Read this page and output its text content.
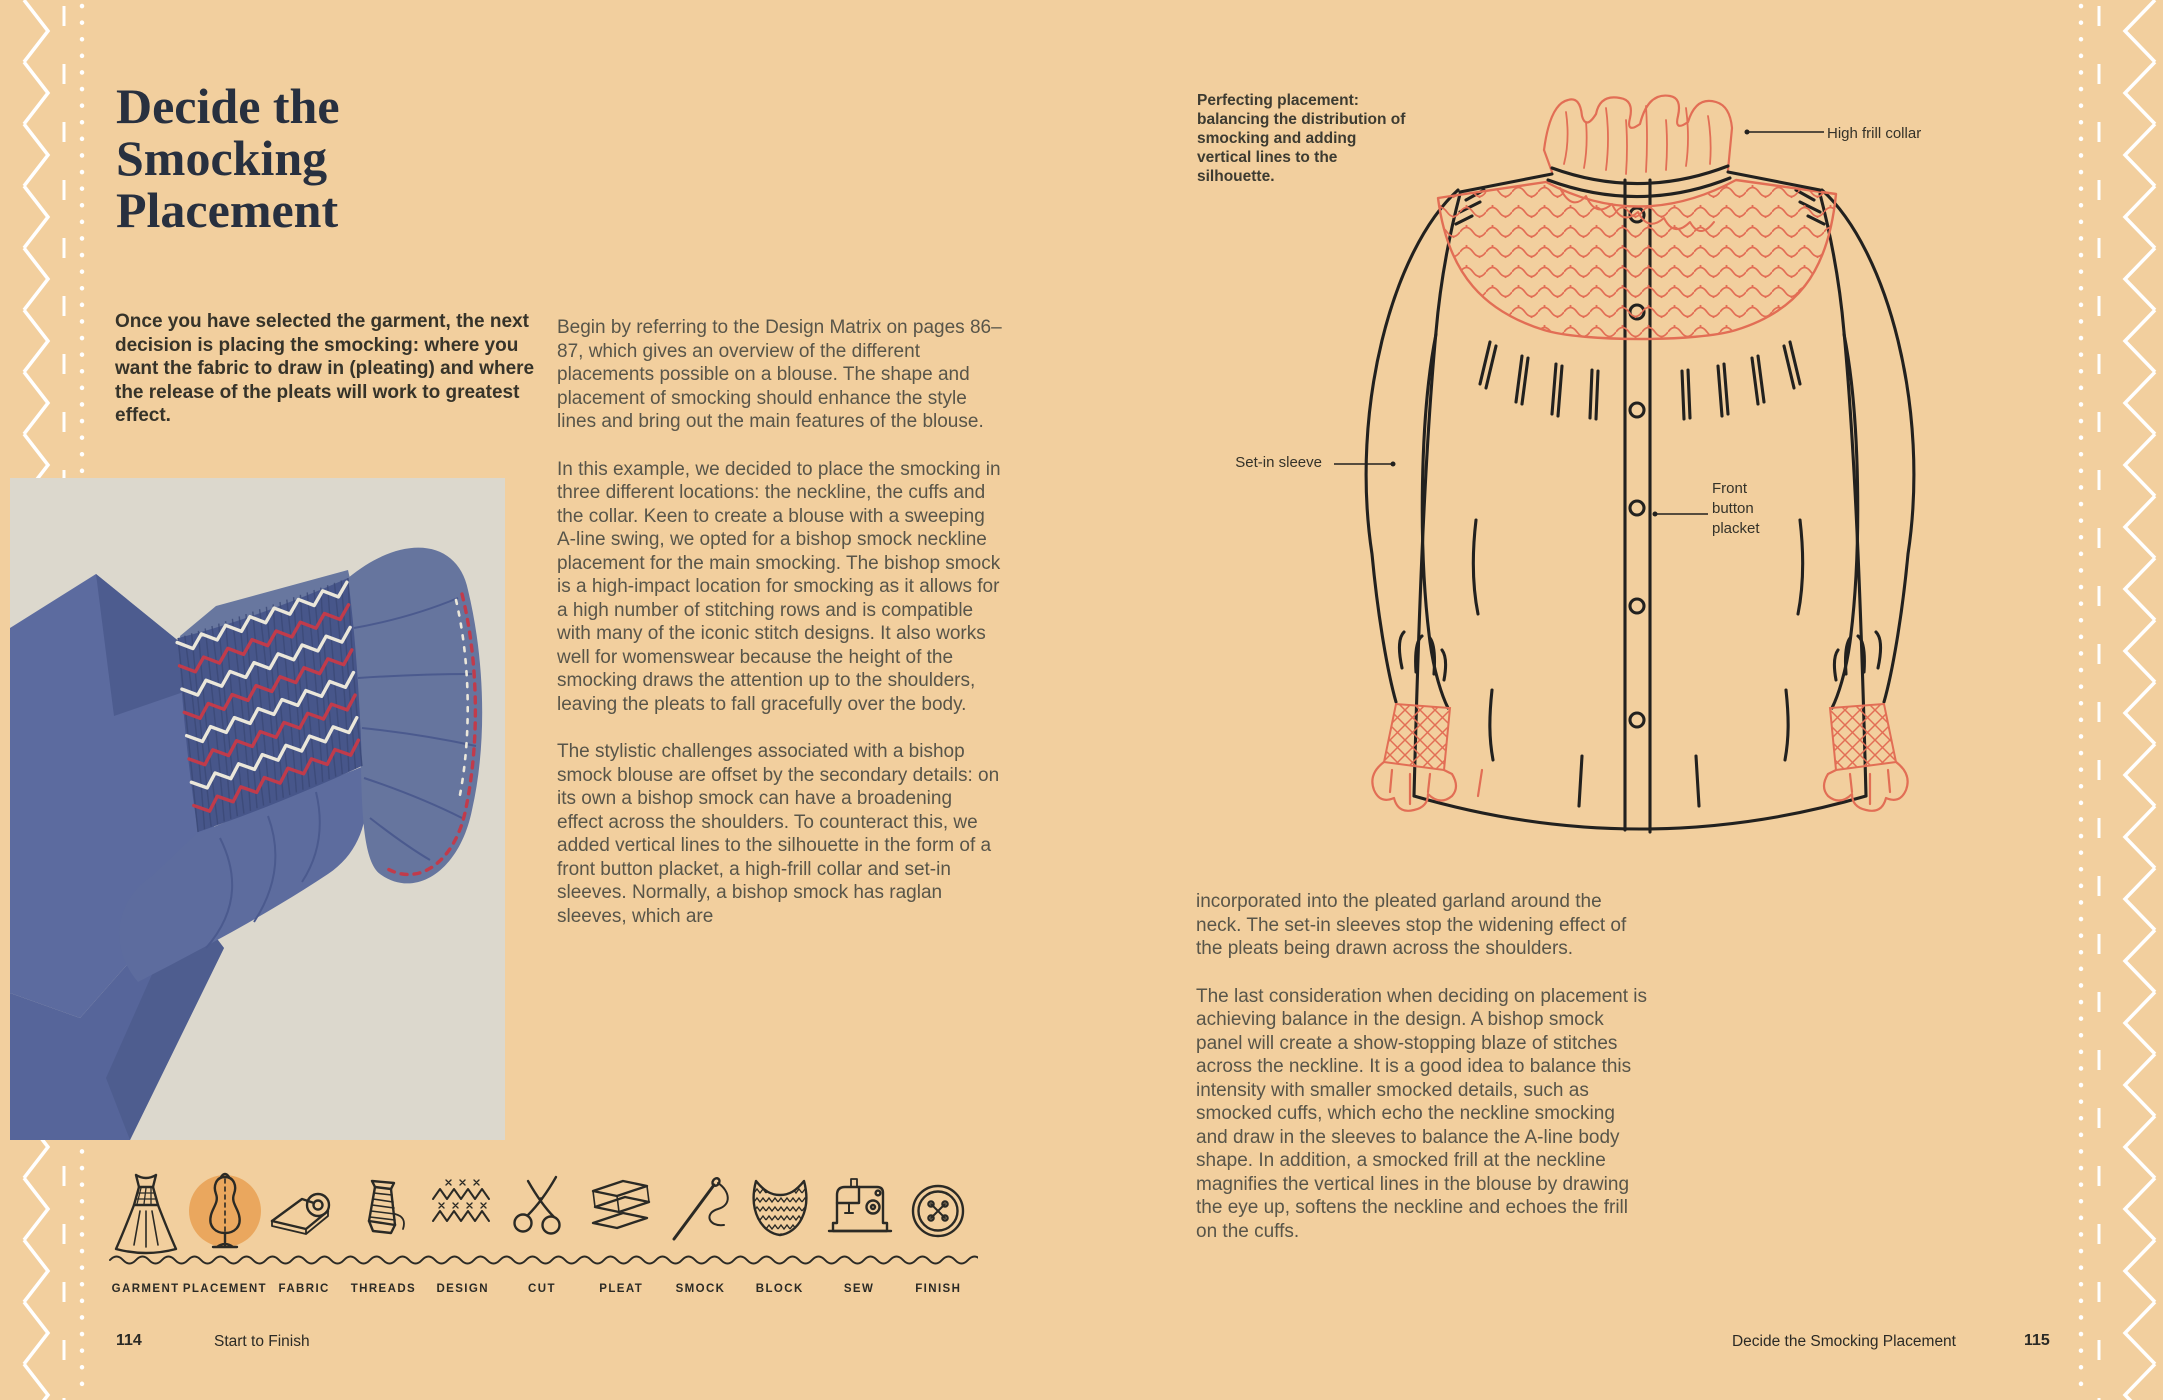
Decide the
Smocking
Placement

Once you have selected the garment, the next decision is placing the smocking: where you want the fabric to draw in (pleating) and where the release of the pleats will work to greatest effect.

Begin by referring to the Design Matrix on pages 86–87, which gives an overview of the different placements possible on a blouse. The shape and placement of smocking should enhance the style lines and bring out the main features of the blouse.

In this example, we decided to place the smocking in three different locations: the neckline, the cuffs and the collar. Keen to create a blouse with a sweeping A-line swing, we opted for a bishop smock neckline placement for the main smocking. The bishop smock is a high-impact location for smocking as it allows for a high number of stitching rows and is compatible with many of the iconic stitch designs. It also works well for womenswear because the height of the smocking draws the attention up to the shoulders, leaving the pleats to fall gracefully over the body.

The stylistic challenges associated with a bishop smock blouse are offset by the secondary details: on its own a bishop smock can have a broadening effect across the shoulders. To counteract this, we added vertical lines to the silhouette in the form of a front button placket, a high-frill collar and set-in sleeves. Normally, a bishop smock has raglan sleeves, which are

GARMENT PLACEMENT FABRIC THREADS DESIGN	CUT	PLEAT	SMOCK	BLOCK	SEW	FINISH
114	Start to Finish

Perfecting placement: balancing the distribution of smocking and adding vertical lines to the silhouette.

High frill collar
Set-in sleeve
Front button placket

incorporated into the pleated garland around the neck. The set-in sleeves stop the widening effect of the pleats being drawn across the shoulders.

The last consideration when deciding on placement is achieving balance in the design. A bishop smock panel will create a show-stopping blaze of stitches across the neckline. It is a good idea to balance this intensity with smaller smocked details, such as smocked cuffs, which echo the neckline smocking and draw in the sleeves to balance the A-line body shape. In addition, a smocked frill at the neckline magnifies the vertical lines in the blouse by drawing the eye up, softens the neckline and echoes the frill on the cuffs.

Decide the Smocking Placement	115
